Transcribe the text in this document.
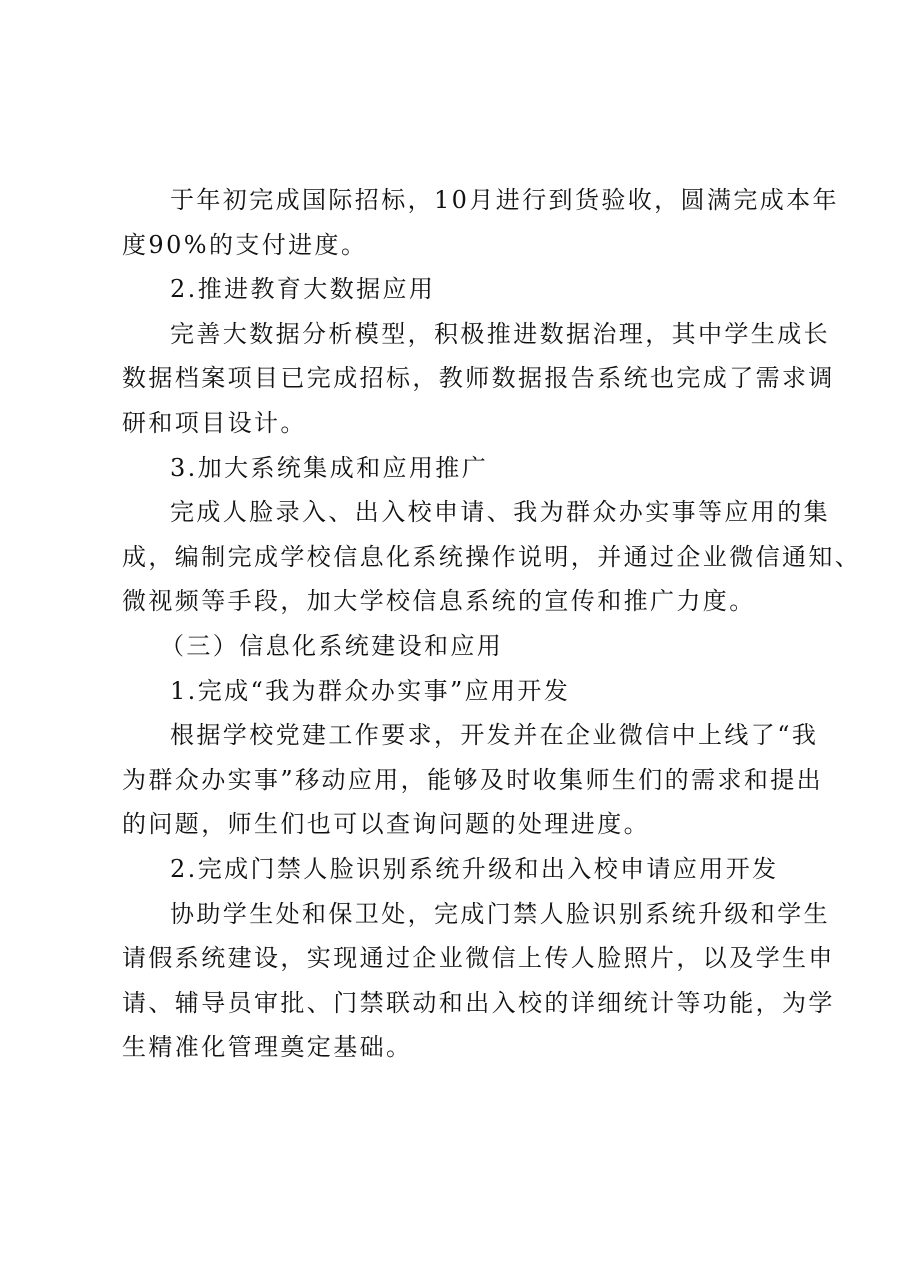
于年初完成国际招标，10月进行到货验收，圆满完成本年
度90%的支付进度。
2.推进教育大数据应用
完善大数据分析模型，积极推进数据治理，其中学生成长
数据档案项目已完成招标，教师数据报告系统也完成了需求调
研和项目设计。
3.加大系统集成和应用推广
完成人脸录入、出入校申请、我为群众办实事等应用的集
成，编制完成学校信息化系统操作说明，并通过企业微信通知、
微视频等手段，加大学校信息系统的宣传和推广力度。
（三）信息化系统建设和应用
1.完成“我为群众办实事”应用开发
根据学校党建工作要求，开发并在企业微信中上线了“我
为群众办实事”移动应用，能够及时收集师生们的需求和提出
的问题，师生们也可以查询问题的处理进度。
2.完成门禁人脸识别系统升级和出入校申请应用开发
协助学生处和保卫处，完成门禁人脸识别系统升级和学生
请假系统建设，实现通过企业微信上传人脸照片，以及学生申
请、辅导员审批、门禁联动和出入校的详细统计等功能，为学
生精准化管理奠定基础。
